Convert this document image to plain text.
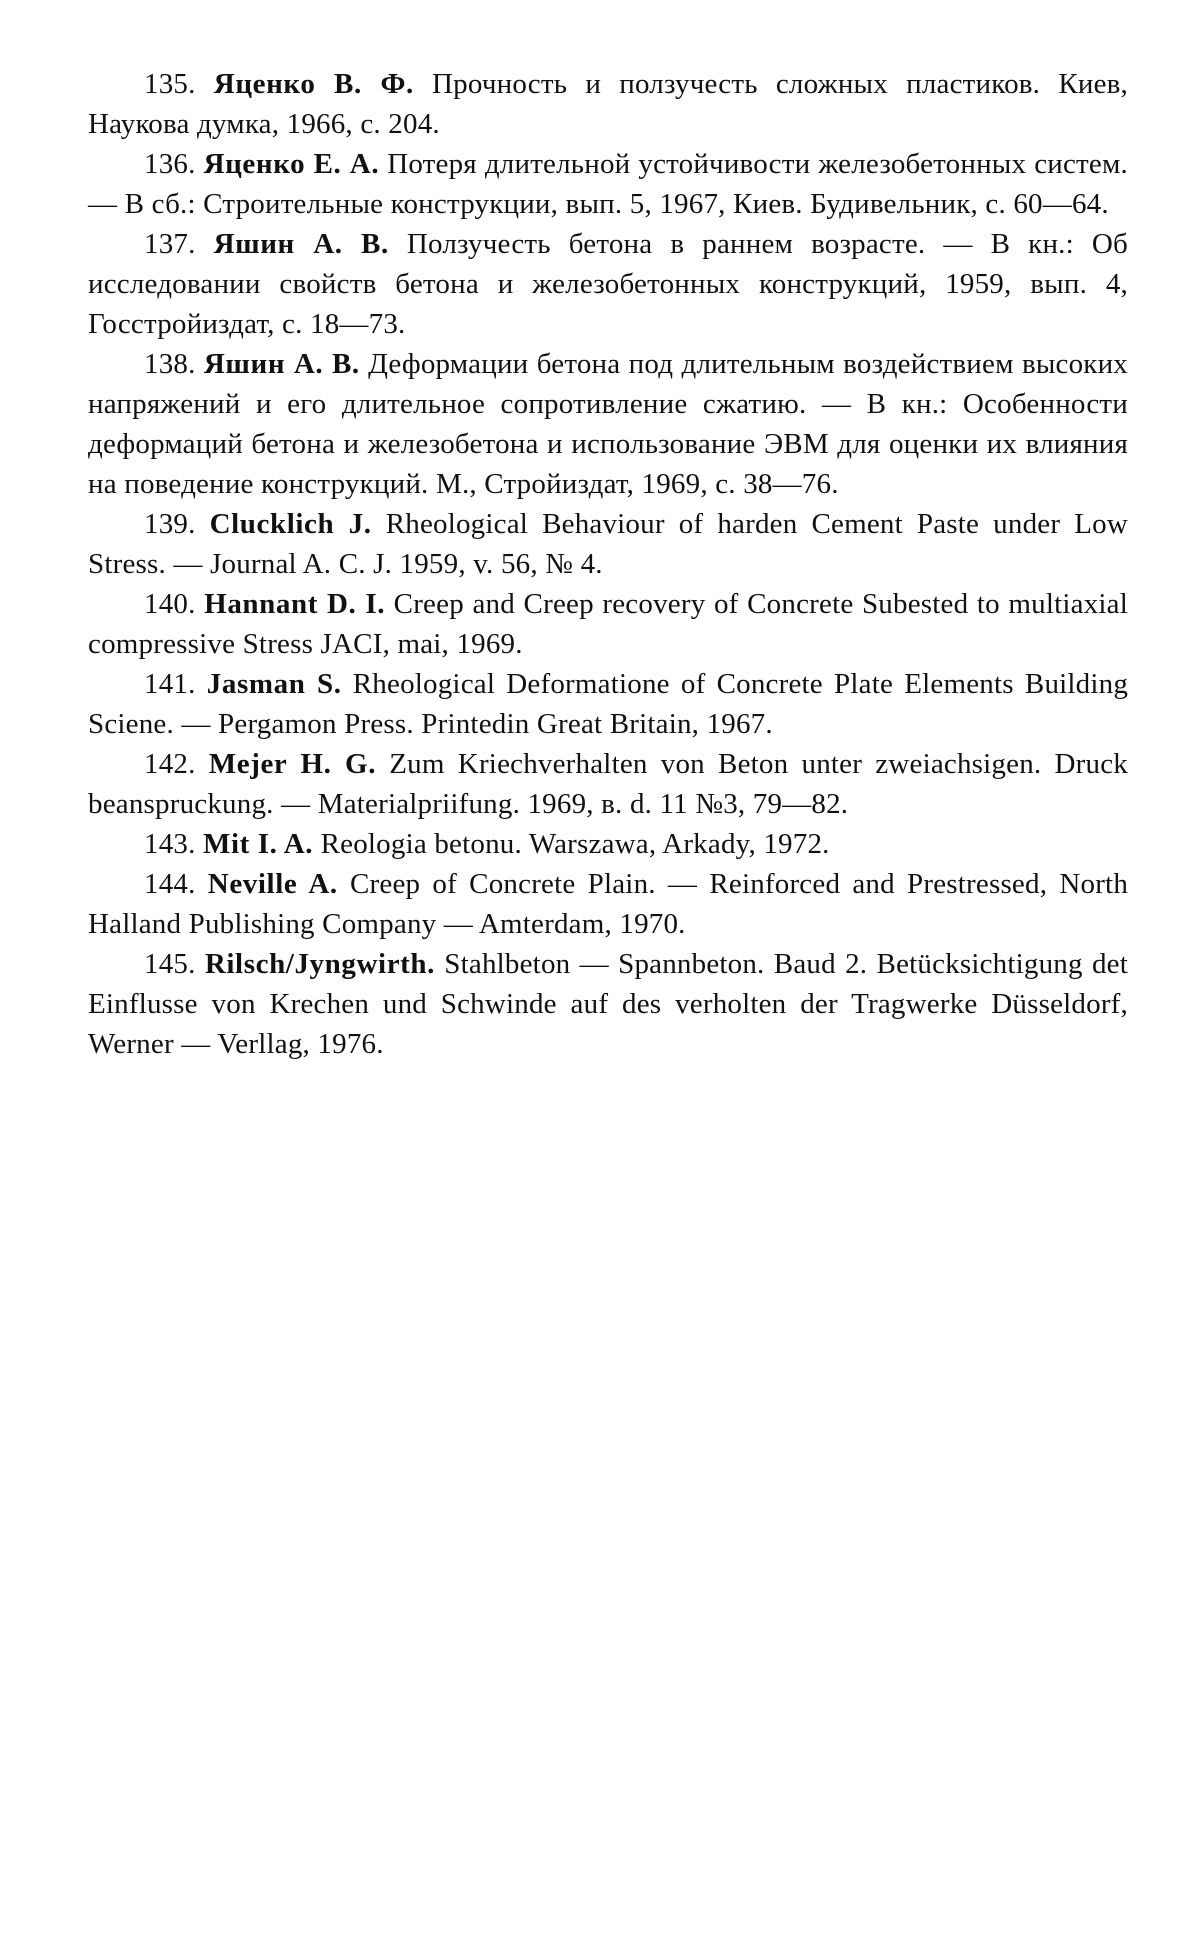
135. Яценко В. Ф. Прочность и ползучесть сложных пластиков. Киев, Наукова думка, 1966, с. 204.

136. Яценко Е. А. Потеря длительной устойчивости железобетонных систем. — В сб.: Строительные конструкции, вып. 5, 1967, Киев. Будивельник, с. 60—64.

137. Яшин А. В. Ползучесть бетона в раннем возрасте. — В кн.: Об исследовании свойств бетона и железобетонных конструкций, 1959, вып. 4, Госстройиздат, с. 18—73.

138. Яшин А. В. Деформации бетона под длительным воздействием высоких напряжений и его длительное сопротивление сжатию. — В кн.: Особенности деформаций бетона и железобетона и использование ЭВМ для оценки их влияния на поведение конструкций. М., Стройиздат, 1969, с. 38—76.

139. Clucklich J. Rheological Behaviour of harden Cement Paste under Low Stress. — Journal A. C. J. 1959, v. 56, № 4.

140. Hannant D. I. Creep and Creep recovery of Concrete Subested to multiaxial compressive Stress JACI, mai, 1969.

141. Jasman S. Rheological Deformatione of Concrete Plate Elements Building Sciene. — Pergamon Press. Printedin Great Britain, 1967.

142. Mejer H. G. Zum Kriechverhalten von Beton unter zweiachsigen. Druck beanspruckung. — Materialpriifung. 1969, в. d. 11 №3, 79—82.

143. Mit I. A. Reologia betonu. Warszawa, Arkady, 1972.

144. Neville A. Creep of Concrete Plain. — Reinforced and Prestressed, North Halland Publishing Company — Amterdam, 1970.

145. Rilsch/Jyngwirth. Stahlbeton — Spannbeton. Baud 2. Betücksichtigung det Einflusse von Krechen und Schwinde auf des verholten der Tragwerke Düsseldorf, Werner — Verllag, 1976.
